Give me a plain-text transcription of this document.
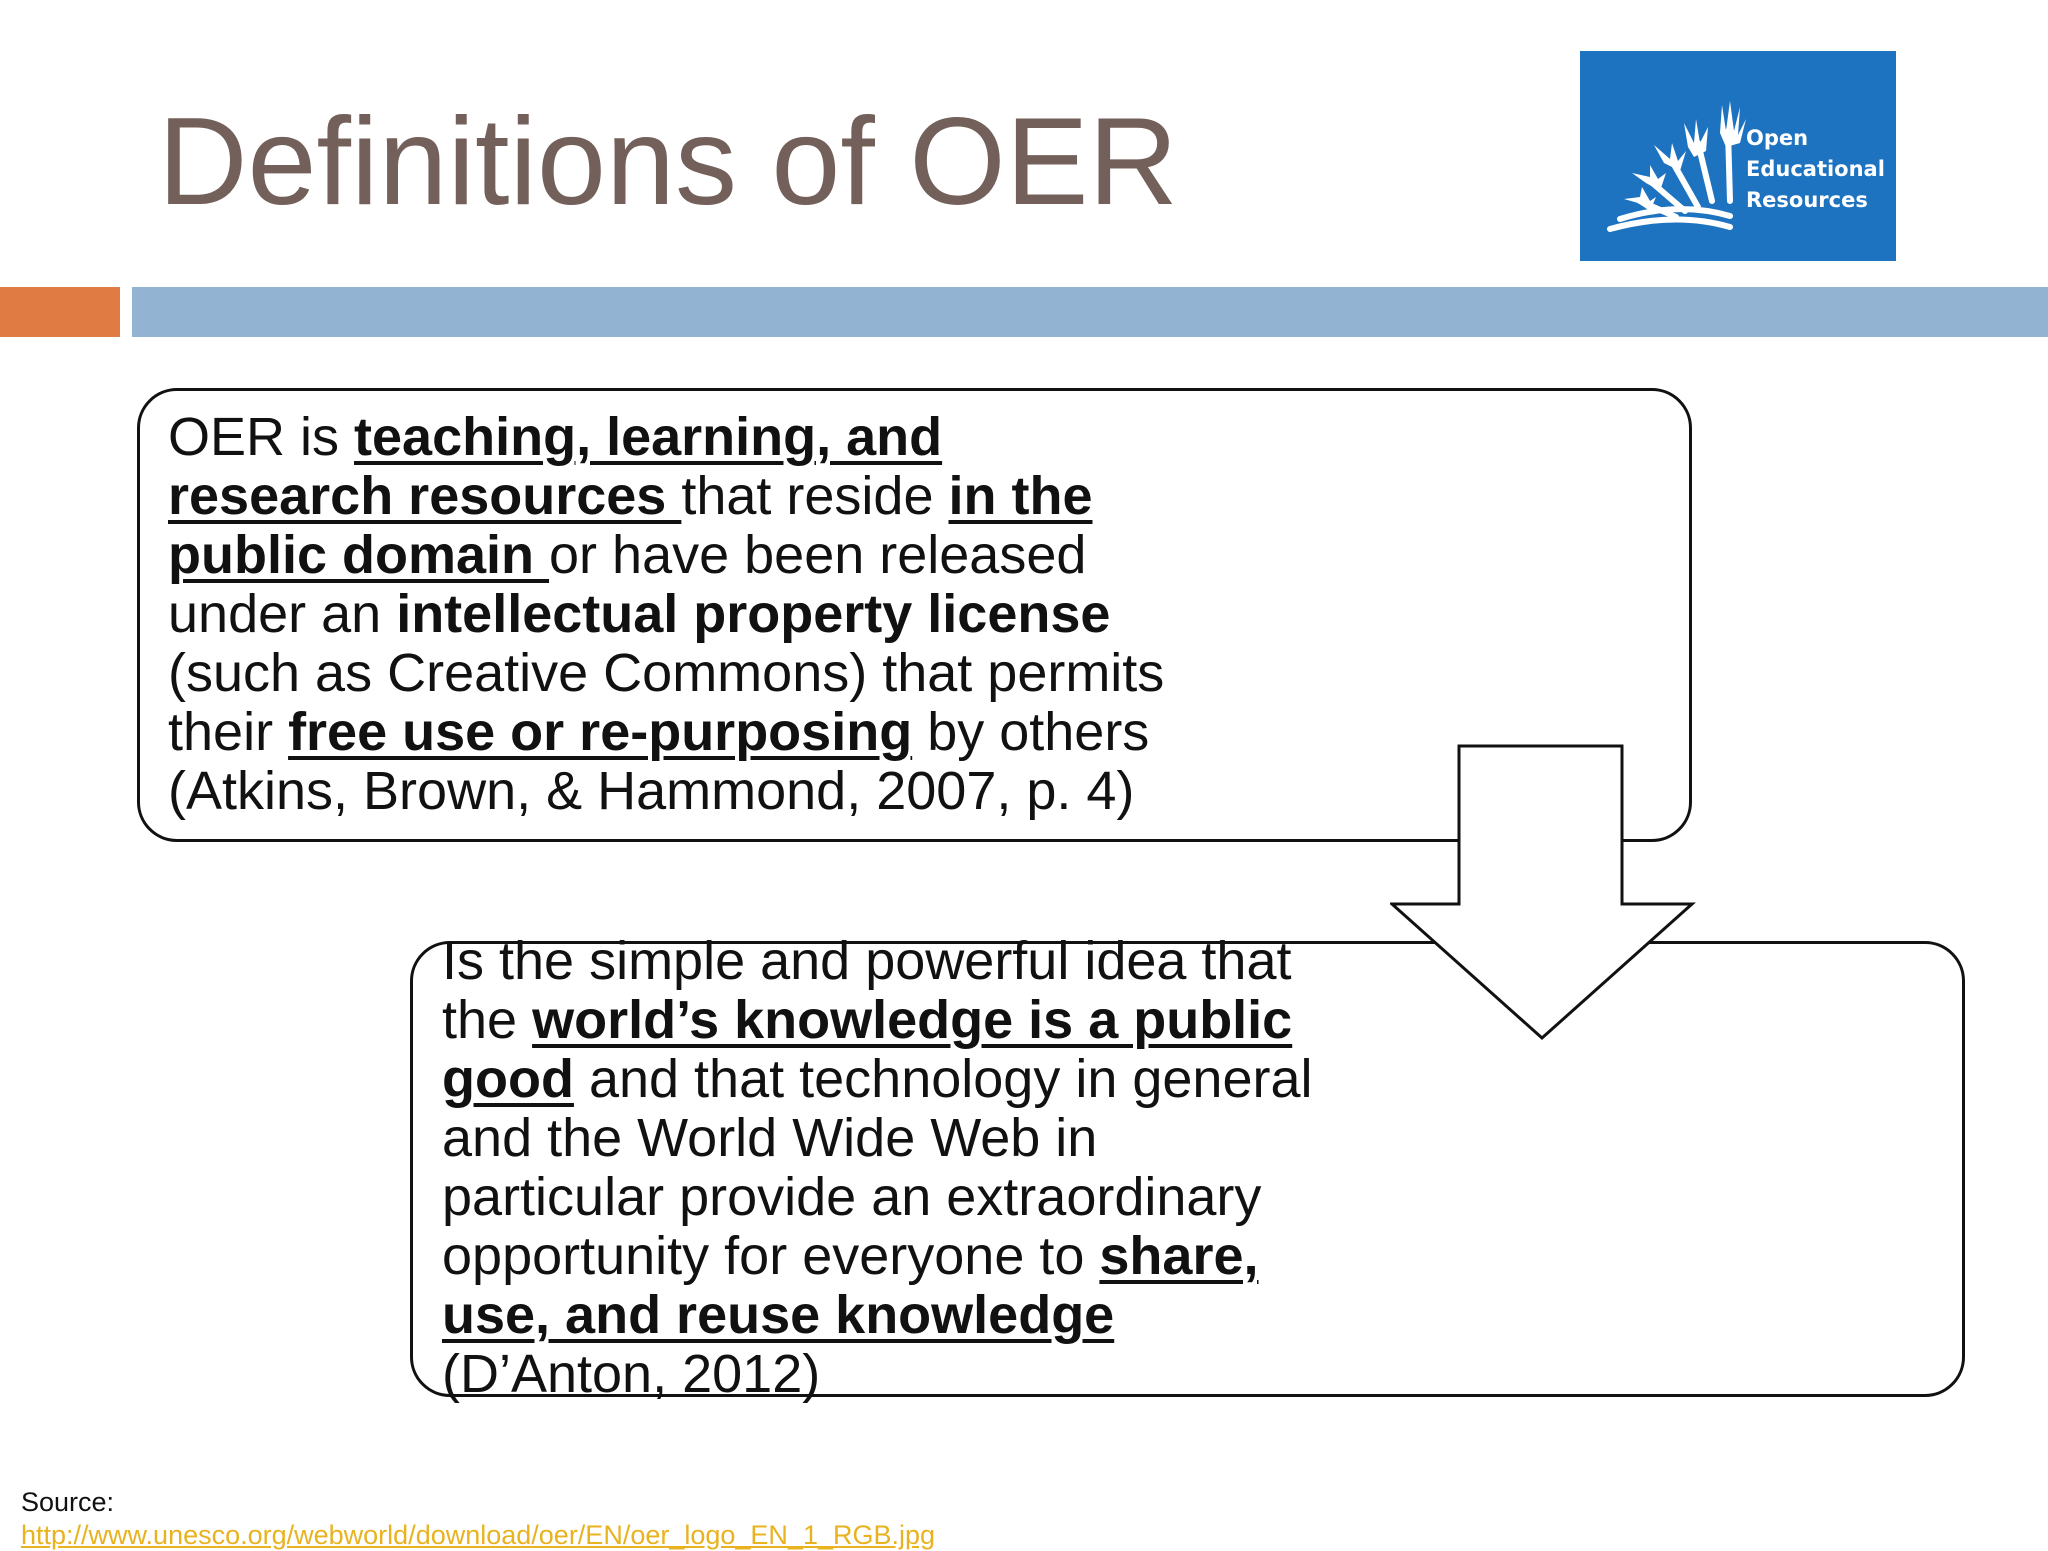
Definitions of OER	Open
Educational
Resources
OER is teaching, learning, and
research resources that reside in the
public domain or have been released
under an intellectual property license
(such as Creative Commons) that permits
their free use or re-purposing by others
(Atkins, Brown, & Hammond, 2007, p. 4)
Is the simple and powerful idea that
the world’s knowledge is a public
good and that technology in general
and the World Wide Web in
particular provide an extraordinary
opportunity for everyone to share,
use, and reuse knowledge
(D’Anton, 2012)
Source:
http://www.unesco.org/webworld/download/oer/EN/oer_logo_EN_1_RGB.jpg
